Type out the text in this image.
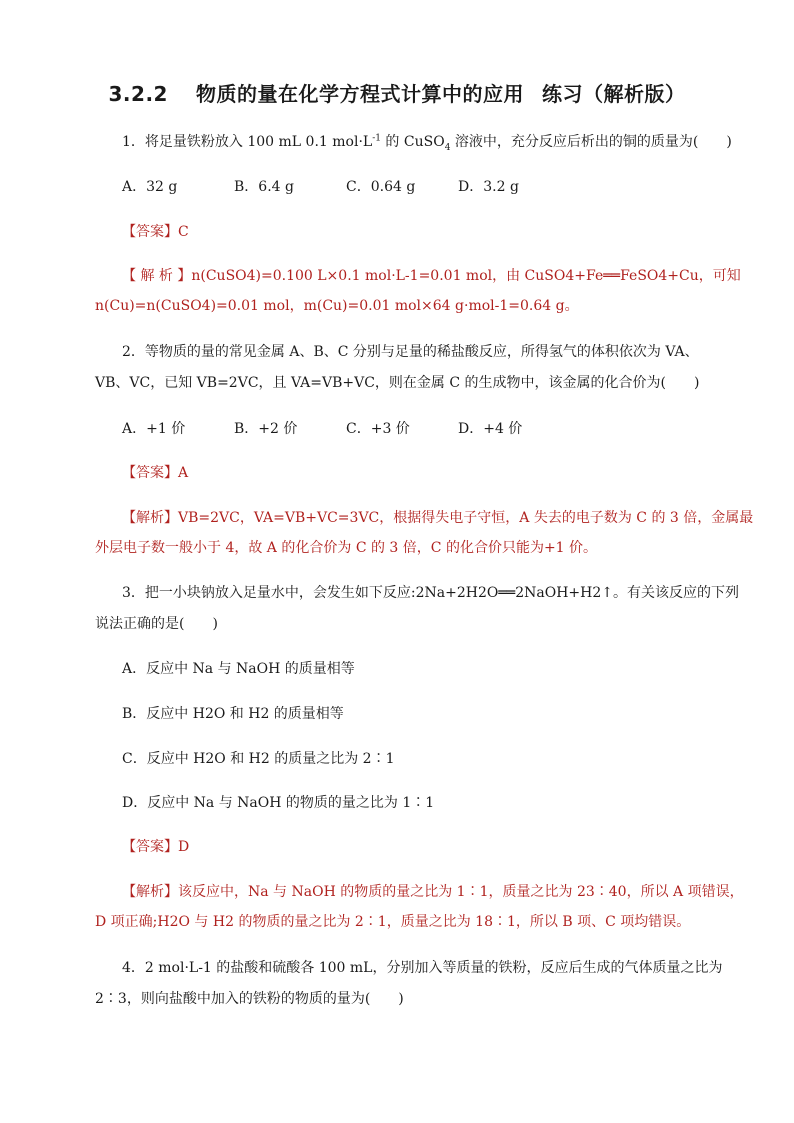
3.2.2 物质的量在化学方程式计算中的应用 练习（解析版）
1．将足量铁粉放入 100 mL 0.1 $mol\cdot L^{-1}$ 的 CuSO$_4$ 溶液中，充分反应后析出的铜的质量为(　　)
A．32 g	B．6.4 g	C．0.64 g	D．3.2 g
【答案】C
【 解 析 】n(CuSO4)=0.100 L×0.1 mol·L-1=0.01 mol，由 CuSO4+Fe══FeSO4+Cu，可知
n(Cu)=n(CuSO4)=0.01 mol，m(Cu)=0.01 mol×64 g·mol-1=0.64 g。
2．等物质的量的常见金属 A、B、C 分别与足量的稀盐酸反应，所得氢气的体积依次为 VA、
VB、VC，已知 VB=2VC，且 VA=VB+VC，则在金属 C 的生成物中，该金属的化合价为(　　)
A．+1 价	B．+2 价	C．+3 价	D．+4 价
【答案】A
【解析】VB=2VC，VA=VB+VC=3VC，根据得失电子守恒，A 失去的电子数为 C 的 3 倍，金属最
外层电子数一般小于 4，故 A 的化合价为 C 的 3 倍，C 的化合价只能为+1 价。
3．把一小块钠放入足量水中，会发生如下反应:2Na+2H2O══2NaOH+H2↑。有关该反应的下列
说法正确的是(　　)
A．反应中 Na 与 NaOH 的质量相等
B．反应中 H2O 和 H2 的质量相等
C．反应中 H2O 和 H2 的质量之比为 2∶1
D．反应中 Na 与 NaOH 的物质的量之比为 1∶1
【答案】D
【解析】该反应中，Na 与 NaOH 的物质的量之比为 1∶1，质量之比为 23∶40，所以 A 项错误，
D 项正确;H2O 与 H2 的物质的量之比为 2∶1，质量之比为 18∶1，所以 B 项、C 项均错误。
4．2 mol·L-1 的盐酸和硫酸各 100 mL，分别加入等质量的铁粉，反应后生成的气体质量之比为
2∶3，则向盐酸中加入的铁粉的物质的量为(　　)
